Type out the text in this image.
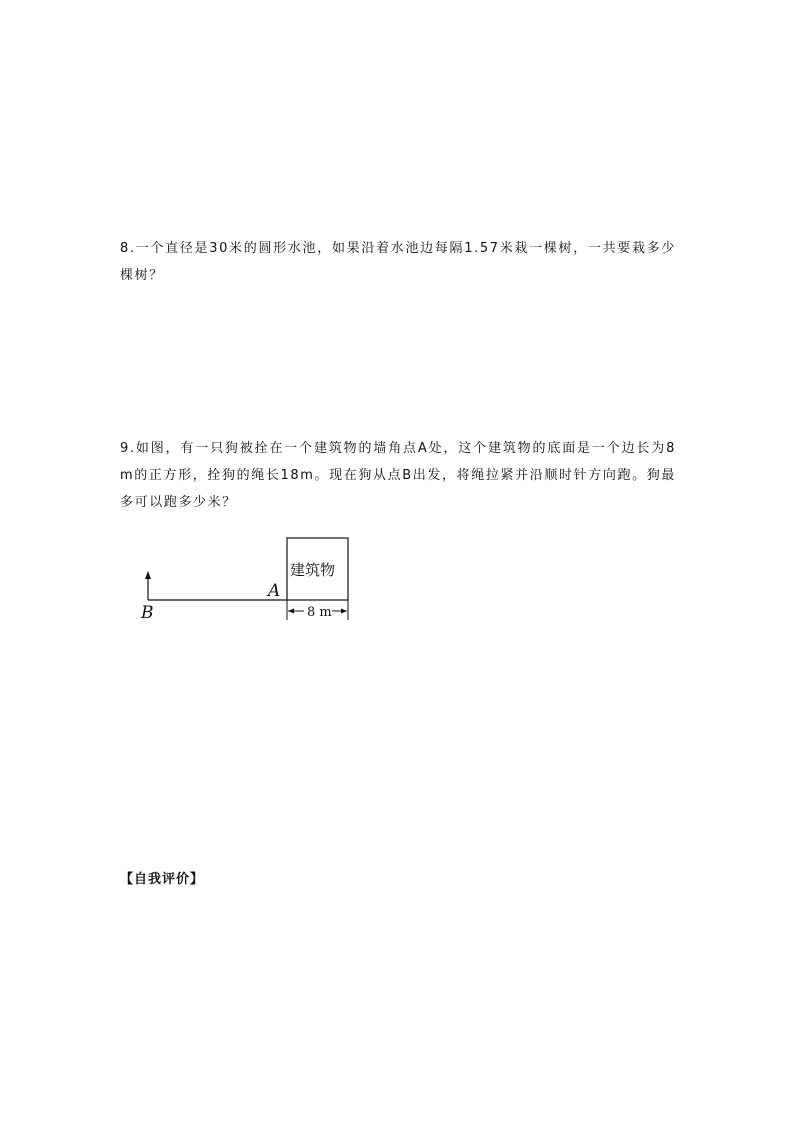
8.一个直径是30米的圆形水池，如果沿着水池边每隔1.57米栽一棵树，一共要栽多少棵树？
9.如图，有一只狗被拴在一个建筑物的墙角点A处，这个建筑物的底面是一个边长为8 m的正方形，拴狗的绳长18m。现在狗从点B出发，将绳拉紧并沿顺时针方向跑。狗最多可以跑多少米？
建筑物
A
B	8 m
【自我评价】
